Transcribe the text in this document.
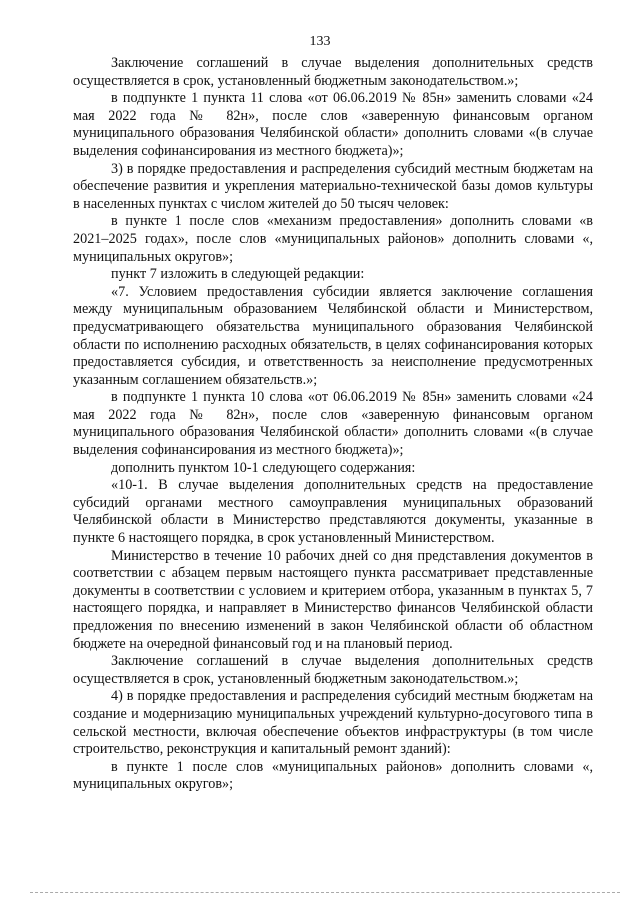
133

Заключение соглашений в случае выделения дополнительных средств осуществляется в срок, установленный бюджетным законодательством.»;

в подпункте 1 пункта 11 слова «от 06.06.2019 № 85н» заменить словами «24 мая 2022 года № 82н», после слов «заверенную финансовым органом муниципального образования Челябинской области» дополнить словами «(в случае выделения софинансирования из местного бюджета)»;

3) в порядке предоставления и распределения субсидий местным бюджетам на обеспечение развития и укрепления материально-технической базы домов культуры в населенных пунктах с числом жителей до 50 тысяч человек:

в пункте 1 после слов «механизм предоставления» дополнить словами «в 2021–2025 годах», после слов «муниципальных районов» дополнить словами «, муниципальных округов»;

пункт 7 изложить в следующей редакции:

«7. Условием предоставления субсидии является заключение соглашения между муниципальным образованием Челябинской области и Министерством, предусматривающего обязательства муниципального образования Челябинской области по исполнению расходных обязательств, в целях софинансирования которых предоставляется субсидия, и ответственность за неисполнение предусмотренных указанным соглашением обязательств.»;

в подпункте 1 пункта 10 слова «от 06.06.2019 № 85н» заменить словами «24 мая 2022 года № 82н», после слов «заверенную финансовым органом муниципального образования Челябинской области» дополнить словами «(в случае выделения софинансирования из местного бюджета)»;

дополнить пунктом 10-1 следующего содержания:

«10-1. В случае выделения дополнительных средств на предоставление субсидий органами местного самоуправления муниципальных образований Челябинской области в Министерство представляются документы, указанные в пункте 6 настоящего порядка, в срок установленный Министерством.

Министерство в течение 10 рабочих дней со дня представления документов в соответствии с абзацем первым настоящего пункта рассматривает представленные документы в соответствии с условием и критерием отбора, указанным в пунктах 5, 7 настоящего порядка, и направляет в Министерство финансов Челябинской области предложения по внесению изменений в закон Челябинской области об областном бюджете на очередной финансовый год и на плановый период.

Заключение соглашений в случае выделения дополнительных средств осуществляется в срок, установленный бюджетным законодательством.»;

4) в порядке предоставления и распределения субсидий местным бюджетам на создание и модернизацию муниципальных учреждений культурно-досугового типа в сельской местности, включая обеспечение объектов инфраструктуры (в том числе строительство, реконструкция и капитальный ремонт зданий):

в пункте 1 после слов «муниципальных районов» дополнить словами «, муниципальных округов»;
